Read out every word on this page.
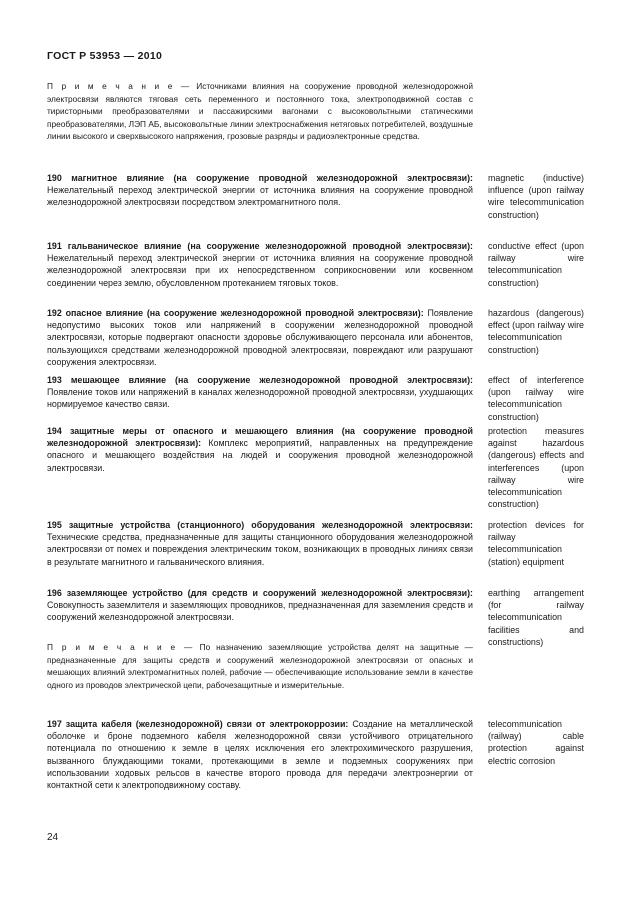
ГОСТ Р 53953 — 2010

П р и м е ч а н и е — Источниками влияния на сооружение проводной железнодорожной электросвязи являются тяговая сеть переменного и постоянного тока, электроподвижной состав с тиристорными преобразователями и пассажирскими вагонами с высоковольтными статическими преобразователями, ЛЭП АБ, высоковольтные линии электроснабжения нетяговых потребителей, воздушные линии высокого и сверхвысокого напряжения, грозовые разряды и радиоэлектронные средства.

190 магнитное влияние (на сооружение проводной железнодорожной электросвязи): Нежелательный переход электрической энергии от источника влияния на сооружение проводной железнодорожной электросвязи посредством электромагнитного поля.

magnetic (inductive) influence (upon railway wire telecommunication construction)

191 гальваническое влияние (на сооружение железнодорожной проводной электросвязи): Нежелательный переход электрической энергии от источника влияния на сооружение проводной железнодорожной электросвязи при их непосредственном соприкосновении или косвенном соединении через землю, обусловленном протеканием тяговых токов.

conductive effect (upon railway wire telecommunication construction)

192 опасное влияние (на сооружение железнодорожной проводной электросвязи): Появление недопустимо высоких токов или напряжений в сооружении железнодорожной проводной электросвязи, которые подвергают опасности здоровье обслуживающего персонала или абонентов, пользующихся средствами железнодорожной проводной электросвязи, повреждают или разрушают сооружения электросвязи.

hazardous (dangerous) effect (upon railway wire telecommunication construction)

193 мешающее влияние (на сооружение железнодорожной проводной электросвязи): Появление токов или напряжений в каналах железнодорожной проводной электросвязи, ухудшающих нормируемое качество связи.

effect of interference (upon railway wire telecommunication construction)

194 защитные меры от опасного и мешающего влияния (на сооружение проводной железнодорожной электросвязи): Комплекс мероприятий, направленных на предупреждение опасного и мешающего воздействия на людей и сооружения проводной железнодорожной электросвязи.

protection measures against hazardous (dangerous) effects and interferences (upon railway wire telecommunication construction)

195 защитные устройства (станционного) оборудования железнодорожной электросвязи: Технические средства, предназначенные для защиты станционного оборудования железнодорожной электросвязи от помех и повреждения электрическим током, возникающих в проводных линиях связи в результате магнитного и гальванического влияния.

protection devices for railway telecommunication (station) equipment

196 заземляющее устройство (для средств и сооружений железнодорожной электросвязи): Совокупность заземлителя и заземляющих проводников, предназначенная для заземления средств и сооружений железнодорожной электросвязи.

earthing arrangement (for railway telecommunication facilities and constructions)

П р и м е ч а н и е — По назначению заземляющие устройства делят на защитные — предназначенные для защиты средств и сооружений железнодорожной электросвязи от опасных и мешающих влияний электромагнитных полей, рабочие — обеспечивающие использование земли в качестве одного из проводов электрической цепи, рабочезащитные и измерительные.

197 защита кабеля (железнодорожной) связи от электрокоррозии: Создание на металлической оболочке и броне подземного кабеля железнодорожной связи устойчивого отрицательного потенциала по отношению к земле в целях исключения его электрохимического разрушения, вызванного блуждающими токами, протекающими в земле и подземных сооружениях при использовании ходовых рельсов в качестве второго провода для передачи электроэнергии от контактной сети к электроподвижному составу.

telecommunication (railway) cable protection against electric corrosion

24
